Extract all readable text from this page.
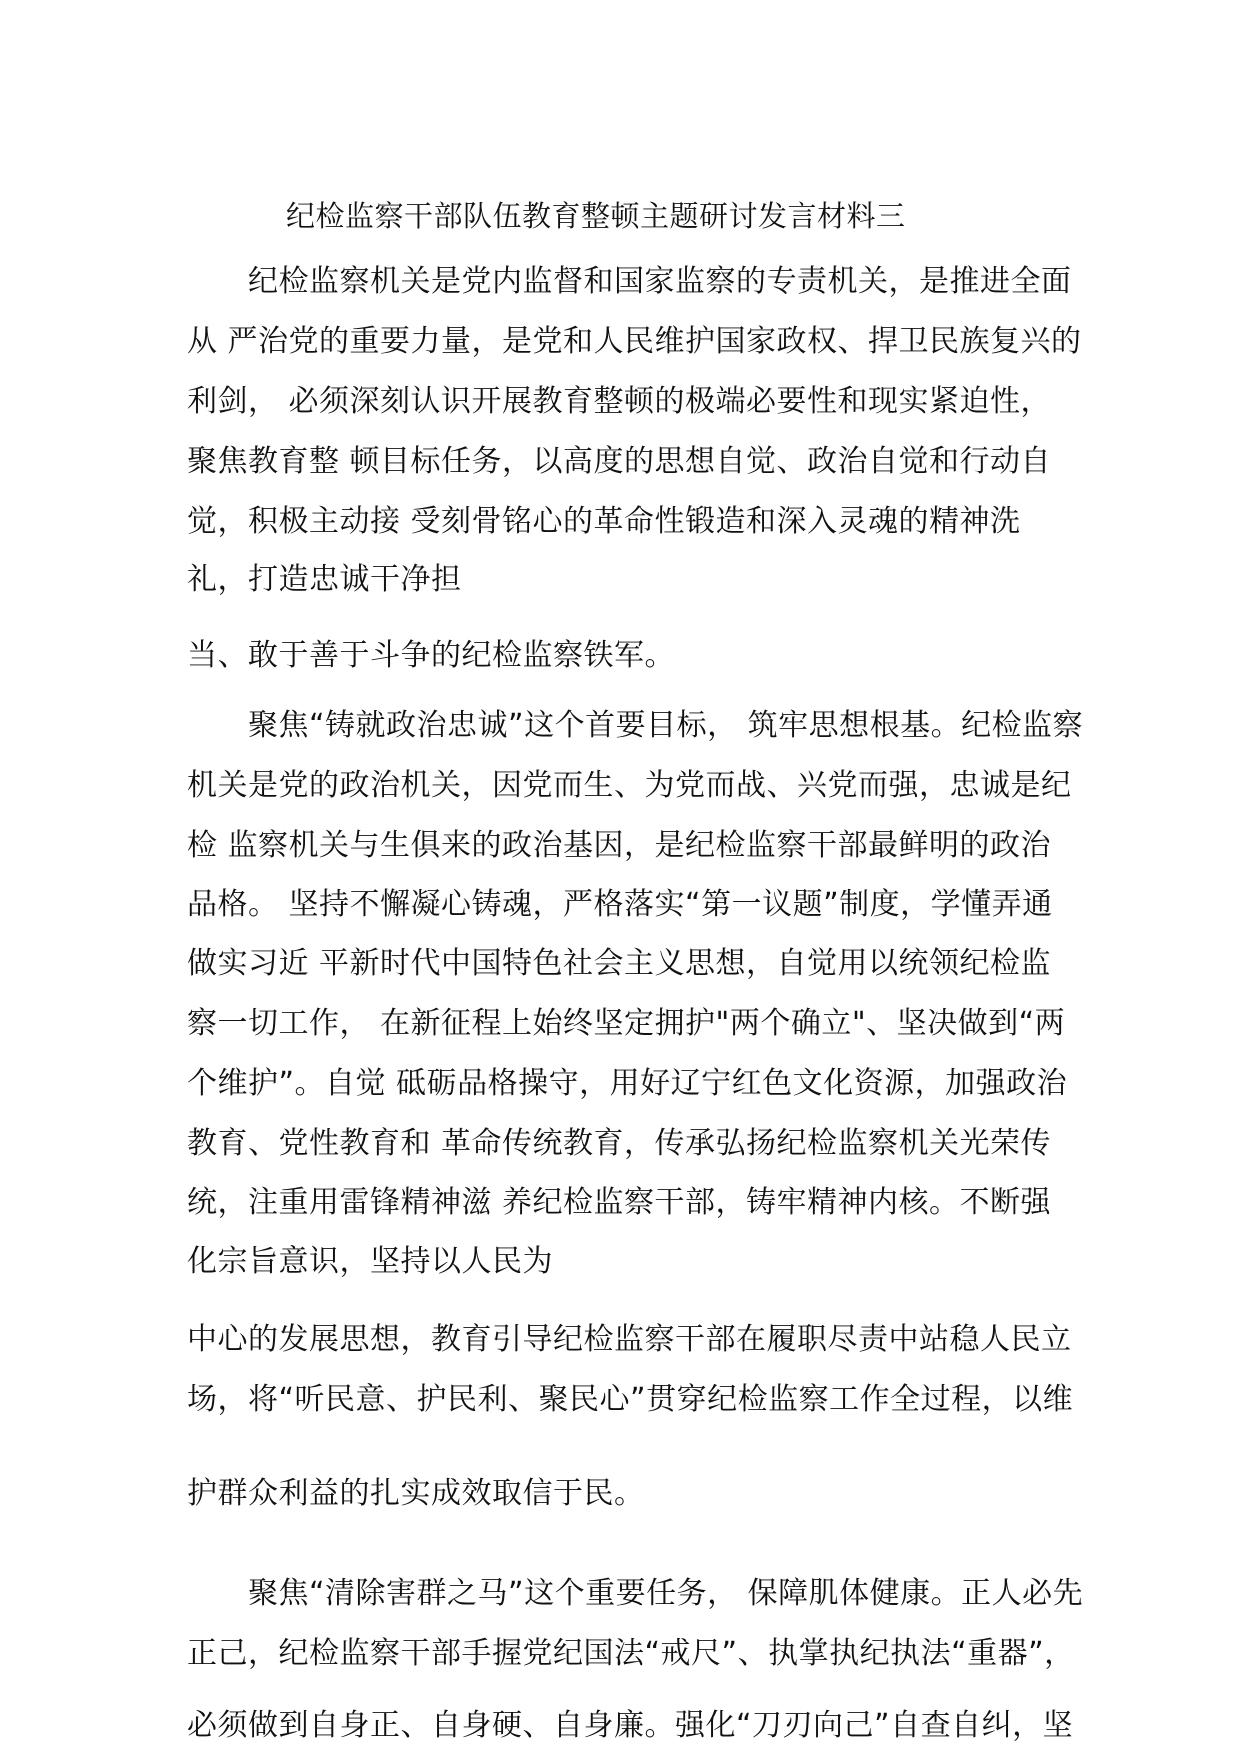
纪检监察干部队伍教育整顿主题研讨发言材料三
纪检监察机关是党内监督和国家监察的专责机关，是推进全面
从 严治党的重要力量，是党和人民维护国家政权、捍卫民族复兴的
利剑， 必须深刻认识开展教育整顿的极端必要性和现实紧迫性，
聚焦教育整 顿目标任务，以高度的思想自觉、政治自觉和行动自
觉，积极主动接 受刻骨铭心的革命性锻造和深入灵魂的精神洗
礼，打造忠诚干净担
当、敢于善于斗争的纪检监察铁军。
聚焦“铸就政治忠诚”这个首要目标， 筑牢思想根基。纪检监察
机关是党的政治机关，因党而生、为党而战、兴党而强，忠诚是纪
检 监察机关与生俱来的政治基因，是纪检监察干部最鲜明的政治
品格。 坚持不懈凝心铸魂，严格落实“第一议题”制度，学懂弄通
做实习近 平新时代中国特色社会主义思想，自觉用以统领纪检监
察一切工作， 在新征程上始终坚定拥护"两个确立"、坚决做到“两
个维护”。自觉 砥砺品格操守，用好辽宁红色文化资源，加强政治
教育、党性教育和 革命传统教育，传承弘扬纪检监察机关光荣传
统，注重用雷锋精神滋 养纪检监察干部，铸牢精神内核。不断强
化宗旨意识，坚持以人民为
中心的发展思想，教育引导纪检监察干部在履职尽责中站稳人民立
场，将“听民意、护民利、聚民心”贯穿纪检监察工作全过程，以维
护群众利益的扎实成效取信于民。
聚焦“清除害群之马”这个重要任务， 保障肌体健康。正人必先
正己，纪检监察干部手握党纪国法“戒尺”、执掌执纪执法“重器”，
必须做到自身正、自身硬、自身廉。强化“刀刃向己”自查自纠，坚
